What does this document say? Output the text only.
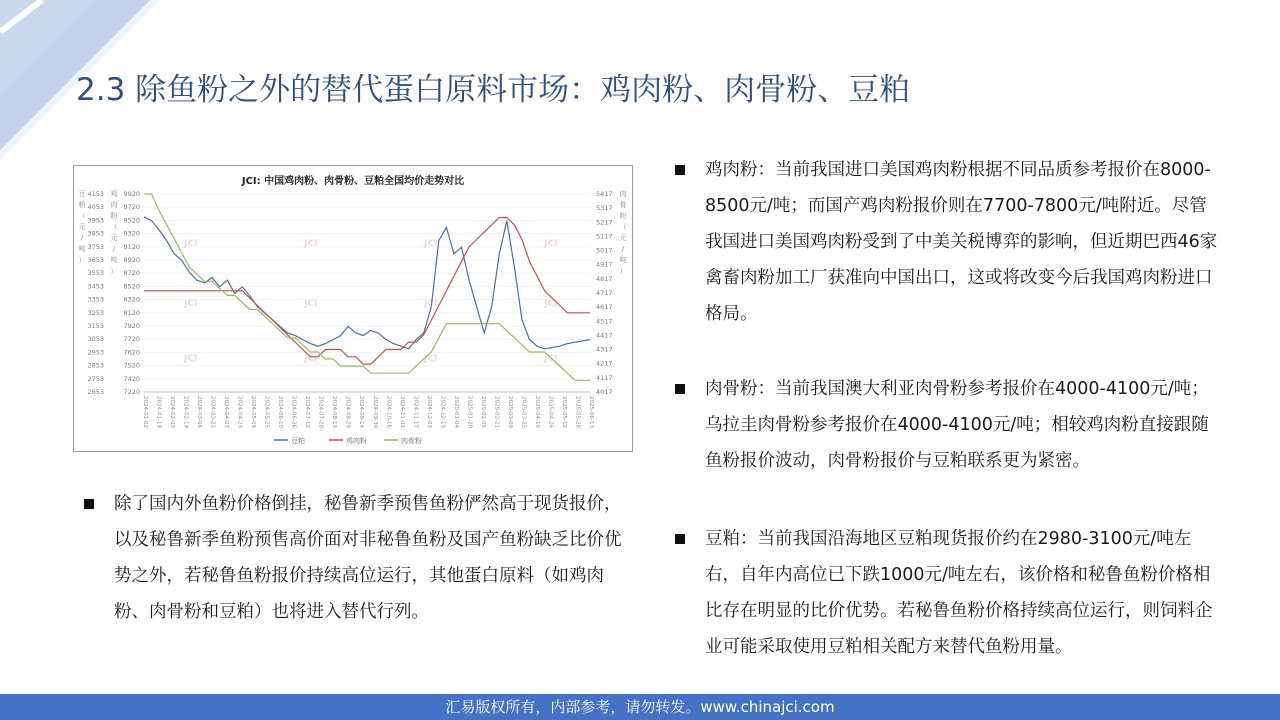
2.3 除鱼粉之外的替代蛋白原料市场：鸡肉粉、肉骨粉、豆粕
JCI: 中国鸡肉粉、肉骨粉、豆粕全国均价走势对比
豆
粕
（
元
/
吨
）
鸡
肉
粉
（
元
/
吨
）
肉
骨
粉
（
元
/
吨
）
4153
4053
3953
3853
3753
3653
3553
3453
3353
3253
3153
3053
2953
2853
2753
2653
9920
9720
9520
9320
9120
8920
8720
8520
8320
8120
7920
7720
7620
7520
7420
7220
5417
5317
5217
5117
5017
4917
4817
4717
4617
4517
4417
4317
4217
4117
4017
2024-01-02 2024-01-18 2024-02-03 2024-02-19 2024-03-06 2024-03-22 2024-04-07 2024-04-23 2024-05-09 2024-05-25 2024-06-10 2024-06-26 2024-07-12 2024-07-28 2024-08-13 2024-08-29 2024-09-14 2024-09-30 2024-10-16 2024-11-01 2024-11-17 2024-12-03 2024-12-19 2025-01-04 2025-01-20 2025-02-05 2025-02-21 2025-03-09 2025-03-25 2025-04-10 2025-04-26 2025-05-12 2025-05-28 2025-06-13
JCI	JCI	JCI	JCI
JCI	JCI	JCI	JCI
JCI	JCI	JCI	JCI
豆粕	鸡肉粉	肉骨粉
除了国内外鱼粉价格倒挂，秘鲁新季预售鱼粉俨然高于现货报价，以及秘鲁新季鱼粉预售高价面对非秘鲁鱼粉及国产鱼粉缺乏比价优势之外，若秘鲁鱼粉报价持续高位运行，其他蛋白原料（如鸡肉粉、肉骨粉和豆粕）也将进入替代行列。
鸡肉粉：当前我国进口美国鸡肉粉根据不同品质参考报价在8000-8500元/吨；而国产鸡肉粉报价则在7700-7800元/吨附近。尽管我国进口美国鸡肉粉受到了中美关税博弈的影响，但近期巴西46家禽畜肉粉加工厂获准向中国出口，这或将改变今后我国鸡肉粉进口格局。
肉骨粉：当前我国澳大利亚肉骨粉参考报价在4000-4100元/吨；乌拉圭肉骨粉参考报价在4000-4100元/吨；相较鸡肉粉直接跟随鱼粉报价波动，肉骨粉报价与豆粕联系更为紧密。
豆粕：当前我国沿海地区豆粕现货报价约在2980-3100元/吨左右，自年内高位已下跌1000元/吨左右，该价格和秘鲁鱼粉价格相比存在明显的比价优势。若秘鲁鱼粉价格持续高位运行，则饲料企业可能采取使用豆粕相关配方来替代鱼粉用量。
汇易版权所有，内部参考，请勿转发。www.chinajci.com
